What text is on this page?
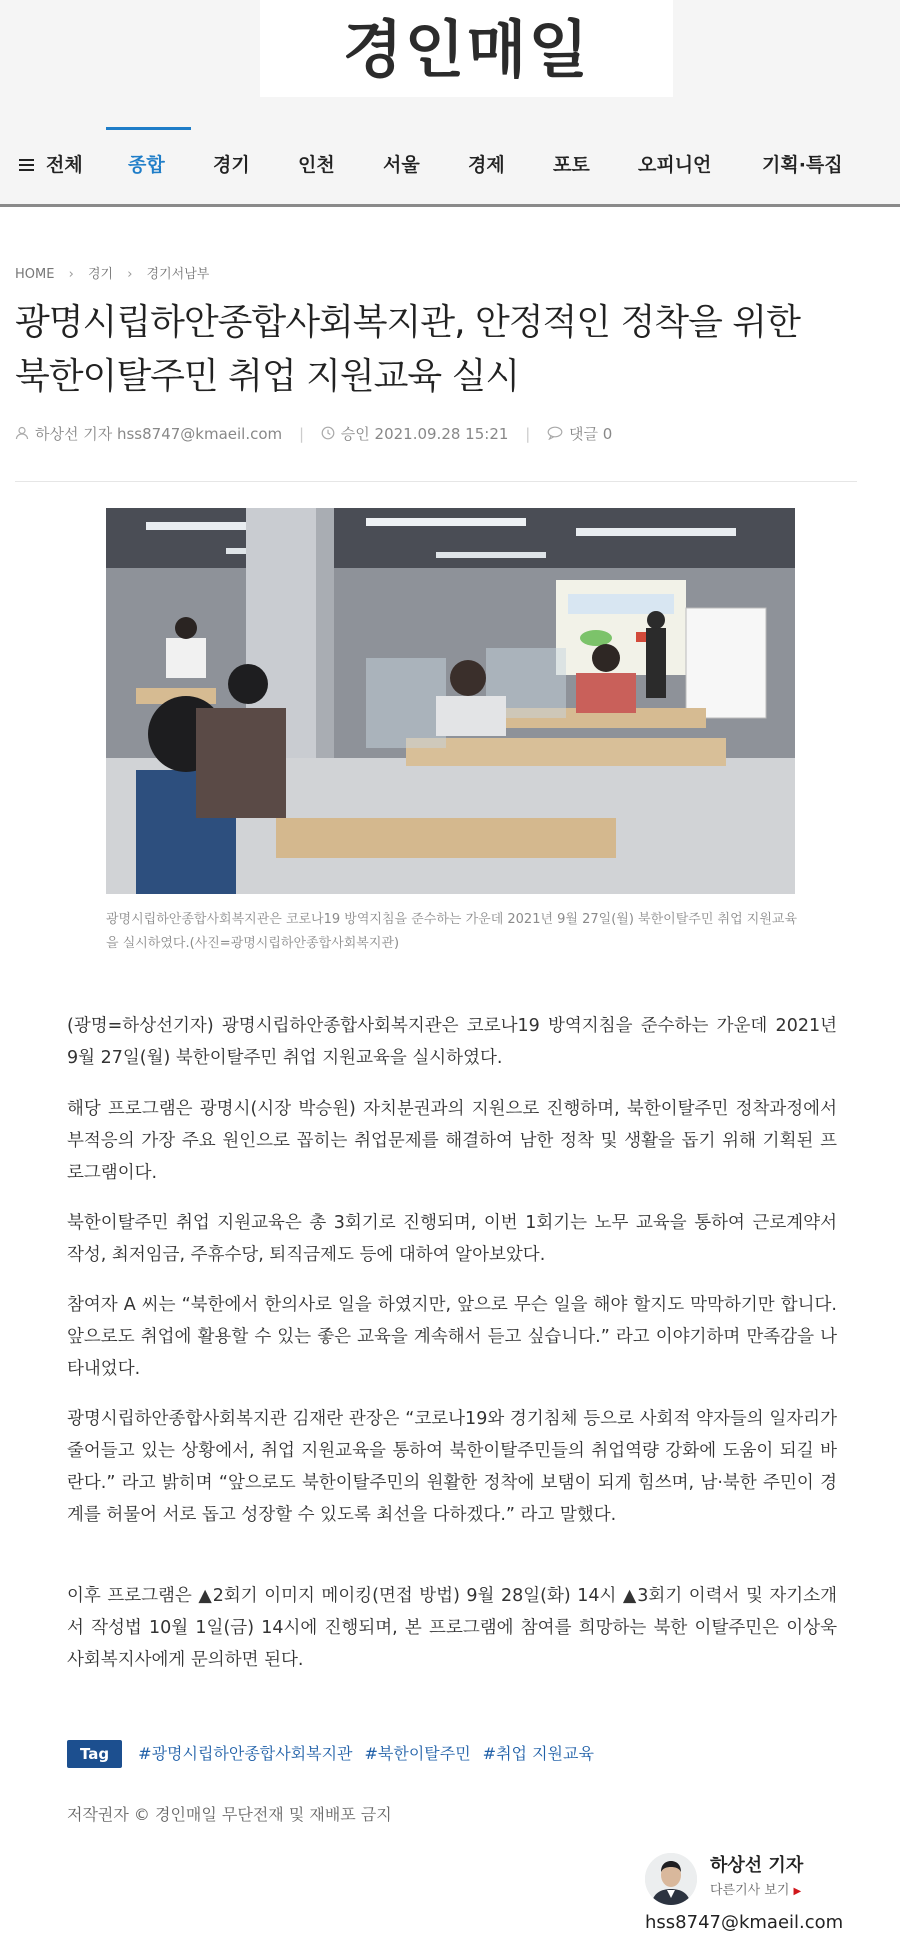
경인매일
전체 종합	경기	인천	서울	경제	포토	오피니언	기획·특집
HOME › 경기 › 경기서남부
광명시립하안종합사회복지관, 안정적인 정착을 위한
북한이탈주민 취업 지원교육 실시
하상선 기자 hss8747@kmaeil.com | 승인 2021.09.28 15:21 |	댓글 0
광명시립하안종합사회복지관은 코로나19 방역지침을 준수하는 가운데 2021년 9월 27일(월) 북한이탈주민 취업 지원교육을 실시하였다.(사진=광명시립하안종합사회복지관)

(광명=하상선기자) 광명시립하안종합사회복지관은 코로나19 방역지침을 준수하는 가운데 2021년 9월 27일(월) 북한이탈주민 취업 지원교육을 실시하였다.

해당 프로그램은 광명시(시장 박승원) 자치분권과의 지원으로 진행하며, 북한이탈주민 정착과정에서 부적응의 가장 주요 원인으로 꼽히는 취업문제를 해결하여 남한 정착 및 생활을 돕기 위해 기획된 프로그램이다.

북한이탈주민 취업 지원교육은 총 3회기로 진행되며, 이번 1회기는 노무 교육을 통하여 근로계약서 작성, 최저임금, 주휴수당, 퇴직금제도 등에 대하여 알아보았다.

참여자 A 씨는 “북한에서 한의사로 일을 하였지만, 앞으로 무슨 일을 해야 할지도 막막하기만 합니다. 앞으로도 취업에 활용할 수 있는 좋은 교육을 계속해서 듣고 싶습니다.” 라고 이야기하며 만족감을 나타내었다.

광명시립하안종합사회복지관 김재란 관장은 “코로나19와 경기침체 등으로 사회적 약자들의 일자리가 줄어들고 있는 상황에서, 취업 지원교육을 통하여 북한이탈주민들의 취업역량 강화에 도움이 되길 바란다.” 라고 밝히며 “앞으로도 북한이탈주민의 원활한 정착에 보탬이 되게 힘쓰며, 남·북한 주민이 경계를 허물어 서로 돕고 성장할 수 있도록 최선을 다하겠다.” 라고 말했다.

이후 프로그램은 ▲2회기 이미지 메이킹(면접 방법) 9월 28일(화) 14시 ▲3회기 이력서 및 자기소개서 작성법 10월 1일(금) 14시에 진행되며, 본 프로그램에 참여를 희망하는 북한 이탈주민은 이상욱 사회복지사에게 문의하면 된다.

Tag #광명시립하안종합사회복지관 #북한이탈주민 #취업 지원교육
저작권자 © 경인매일 무단전재 및 재배포 금지
하상선 기자
다른기사 보기 ▶
hss8747@kmaeil.com
